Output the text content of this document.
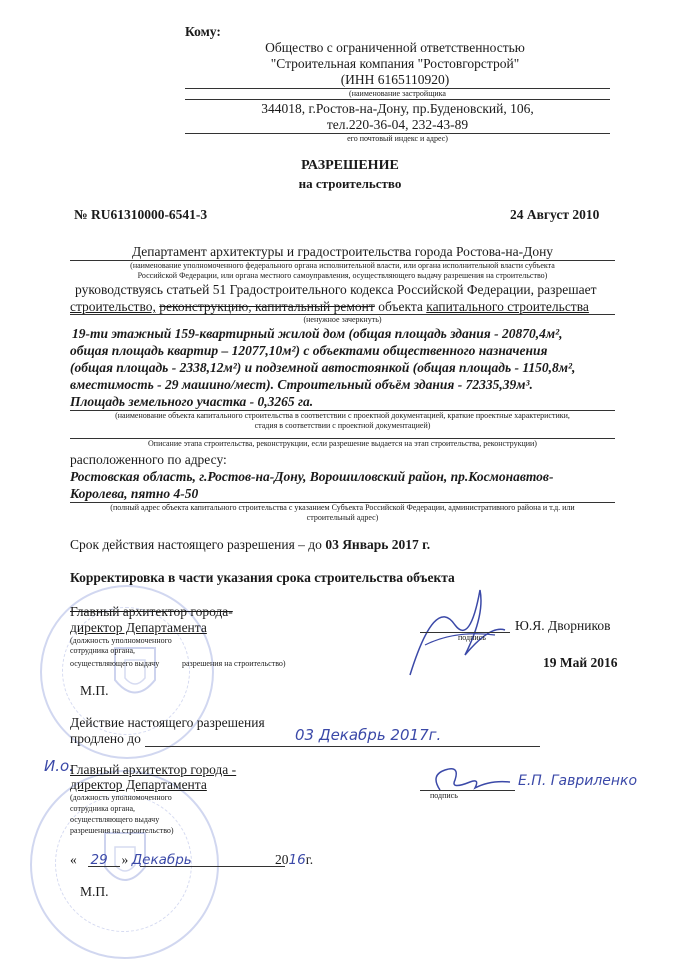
Кому:
Общество с ограниченной ответственностью
"Строительная компания "Ростовгорстрой"
(ИНН 6165110920)
(наименование застройщика
344018, г.Ростов-на-Дону, пр.Буденовский, 106,
тел.220-36-04, 232-43-89
его почтовый индекс и адрес)
РАЗРЕШЕНИЕ
на строительство
№ RU61310000-6541-3	24 Август 2010
Департамент архитектуры и градостроительства города Ростова-на-Дону
(наименование уполномоченного федерального органа исполнительной власти, или органа исполнительной власти субъекта
Российской Федерации, или органа местного самоуправления, осуществляющего выдачу разрешения на строительство)
руководствуясь статьей 51 Градостроительного кодекса Российской Федерации, разрешает
строительство, реконструкцию, капитальный ремонт объекта капитального строительства
(ненужное зачеркнуть)
19-ти этажный 159-квартирный жилой дом (общая площадь здания - 20870,4м²,
общая площадь квартир – 12077,10м²) с объектами общественного назначения
(общая площадь - 2338,12м²) и подземной автостоянкой (общая площадь - 1150,8м²,
вместимость - 29 машино/мест). Строительный объём здания - 72335,39м³.
Площадь земельного участка - 0,3265 га.
(наименование объекта капитального строительства в соответствии с проектной документацией, краткие проектные характеристики,
стадия в соответствии с проектной документацией)
Описание этапа строительства, реконструкции, если разрешение выдается на этап строительства, реконструкции)
расположенного по адресу:
Ростовская область, г.Ростов-на-Дону, Ворошиловский район, пр.Космонавтов-
Королева, пятно 4-50
(полный адрес объекта капитального строительства с указанием Субъекта Российской Федерации, административного района и т.д. или
строительный адрес)
Срок действия настоящего разрешения – до 03 Январь 2017 г.
Корректировка в части указания срока строительства объекта
Главный архитектор города-
директор Департамента
(должность уполномоченного
сотрудника органа,
осуществляющего выдачу	разрешения на строительство)
подпись
Ю.Я. Дворников
19 Май 2016
М.П.
Действие настоящего разрешения
продлено до	03 Декабрь 2017г.
И.о.
Главный архитектор города -
директор Департамента
(должность уполномоченного
сотрудника органа,
осуществляющего выдачу
разрешения на строительство)
подпись
Е.П. Гавриленко
« 29 » Декабрь	2016г.
М.П.
